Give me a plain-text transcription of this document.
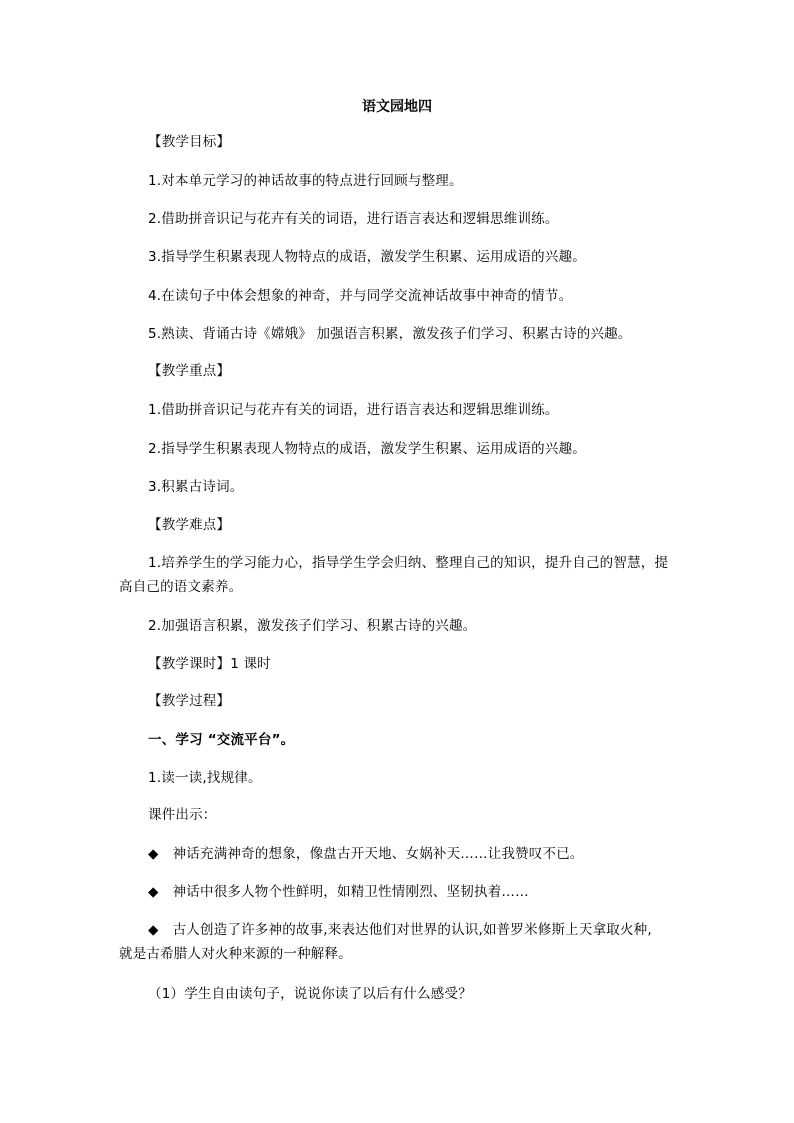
语文园地四
【教学目标】
1.对本单元学习的神话故事的特点进行回顾与整理。
2.借助拼音识记与花卉有关的词语，进行语言表达和逻辑思维训练。
3.指导学生积累表现人物特点的成语，激发学生积累、运用成语的兴趣。
4.在读句子中体会想象的神奇，并与同学交流神话故事中神奇的情节。
5.熟读、背诵古诗《嫦娥》 加强语言积累，激发孩子们学习、积累古诗的兴趣。
【教学重点】
1.借助拼音识记与花卉有关的词语，进行语言表达和逻辑思维训练。
2.指导学生积累表现人物特点的成语，激发学生积累、运用成语的兴趣。
3.积累古诗词。
【教学难点】
1.培养学生的学习能力心，指导学生学会归纳、整理自己的知识，提升自己的智慧，提
高自己的语文素养。
2.加强语言积累，激发孩子们学习、积累古诗的兴趣。
【教学课时】1 课时
【教学过程】
一、学习 “交流平台”。
1.读一读,找规律。
课件出示：
◆ 神话充满神奇的想象，像盘古开天地、女娲补天……让我赞叹不已。
◆ 神话中很多人物个性鲜明，如精卫性情刚烈、坚韧执着……
◆ 古人创造了许多神的故事,来表达他们对世界的认识,如普罗米修斯上天拿取火种,
就是古希腊人对火种来源的一种解释。
（1）学生自由读句子，说说你读了以后有什么感受？
